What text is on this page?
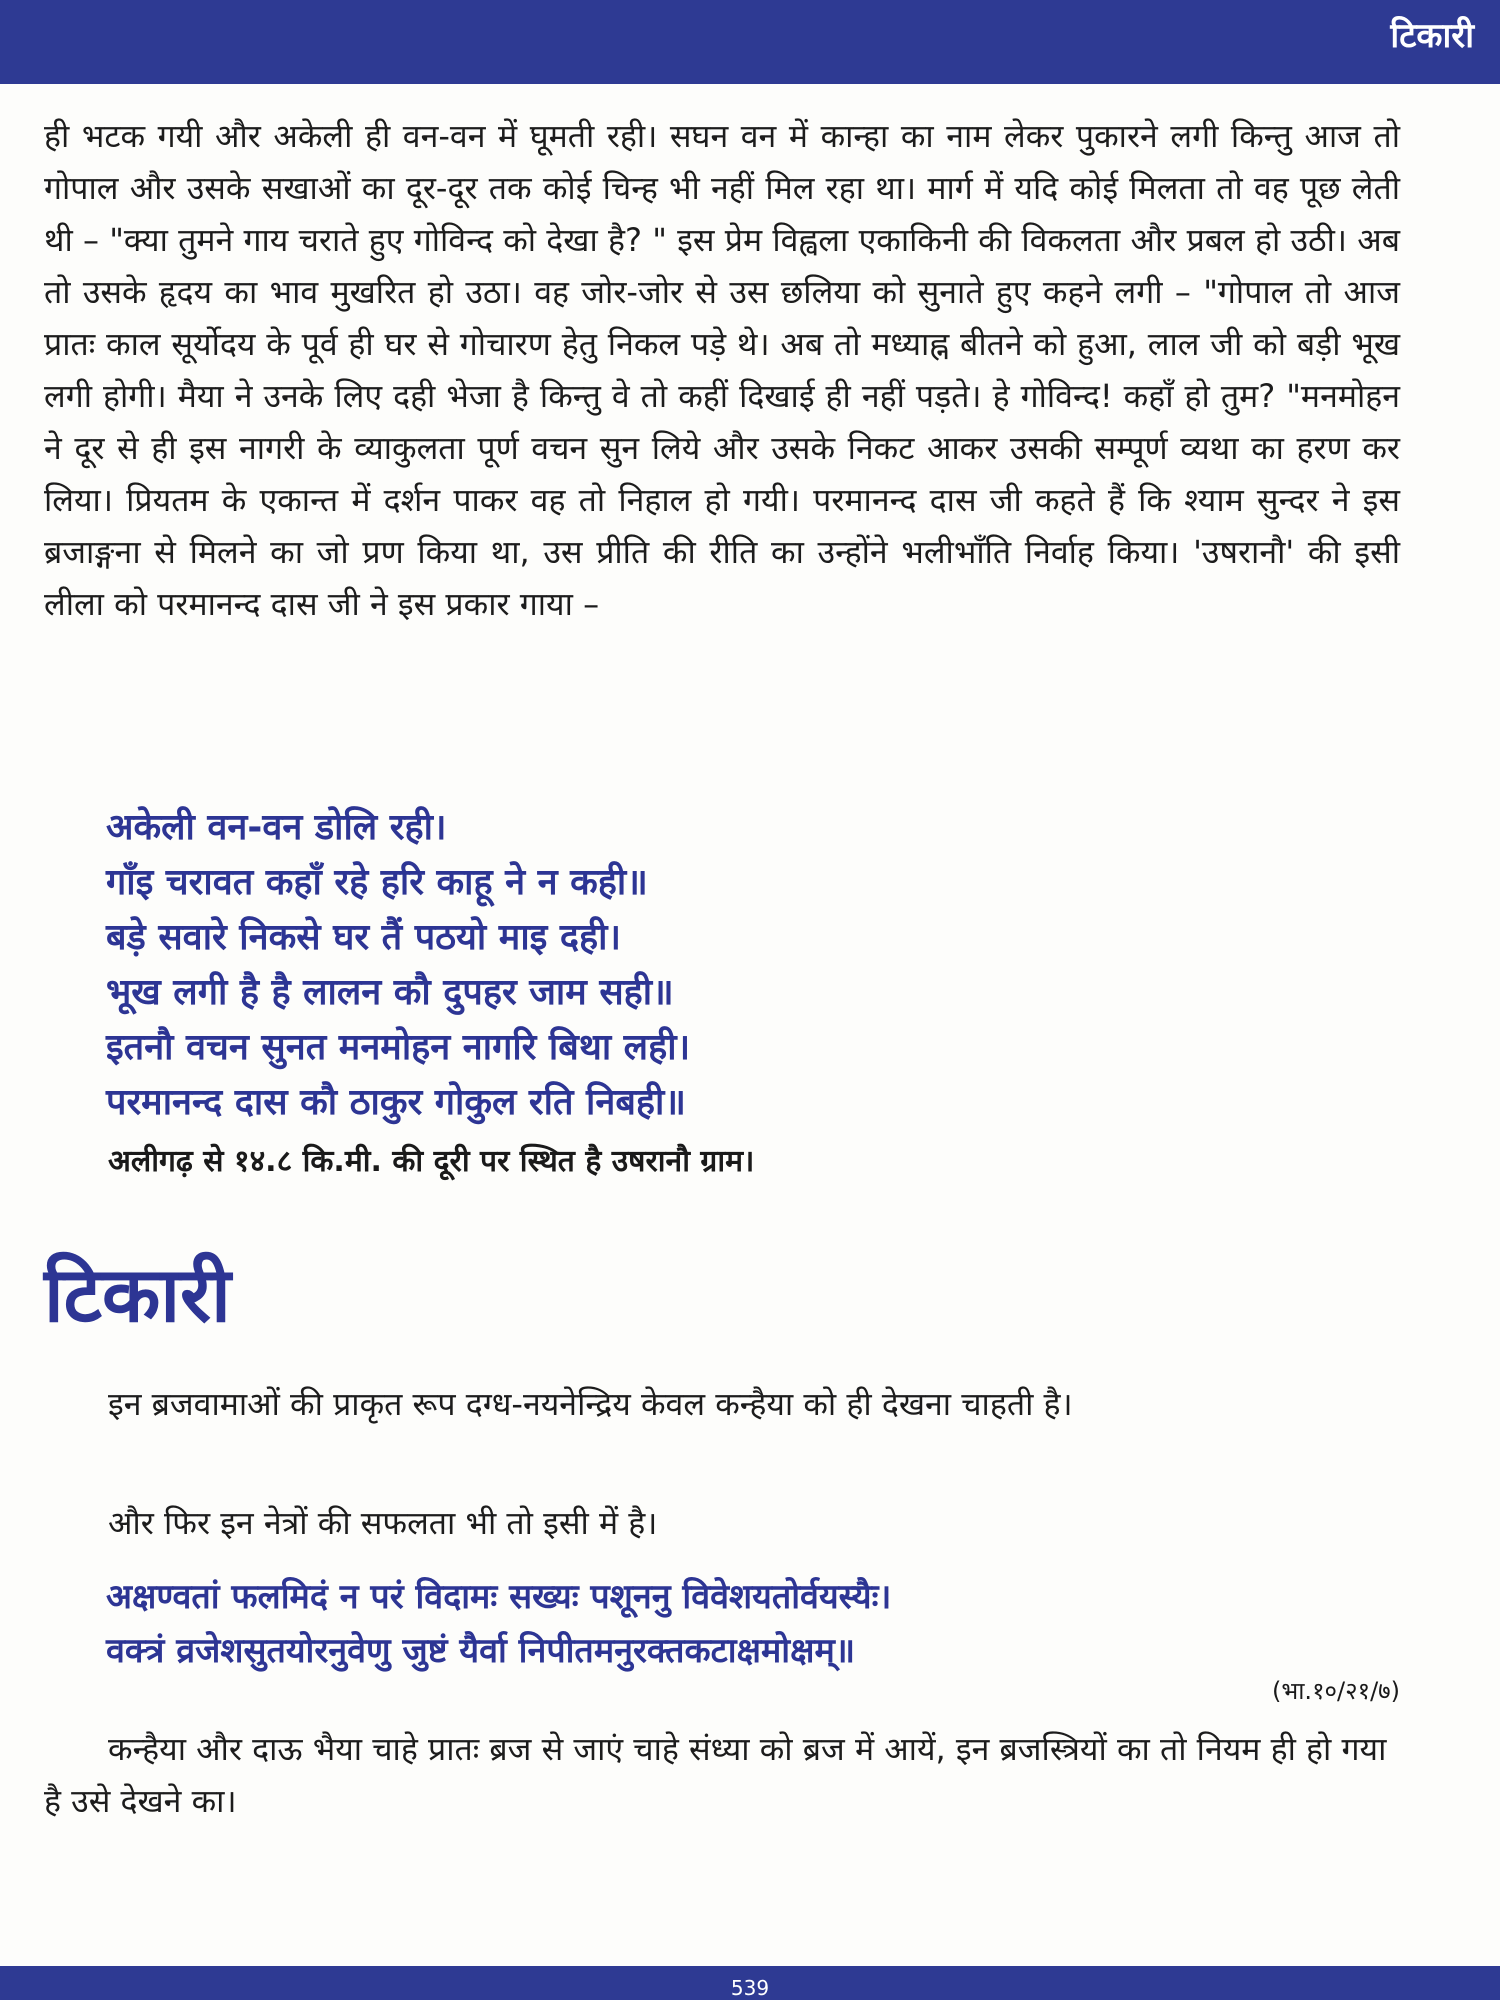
टिकारी

ही भटक गयी और अकेली ही वन-वन में घूमती रही। सघन वन में कान्हा का नाम लेकर पुकारने लगी किन्तु आज तो गोपाल और उसके सखाओं का दूर-दूर तक कोई चिन्ह भी नहीं मिल रहा था। मार्ग में यदि कोई मिलता तो वह पूछ लेती थी – "क्या तुमने गाय चराते हुए गोविन्द को देखा है? " इस प्रेम विह्वला एकाकिनी की विकलता और प्रबल हो उठी। अब तो उसके हृदय का भाव मुखरित हो उठा। वह जोर-जोर से उस छलिया को सुनाते हुए कहने लगी – "गोपाल तो आज प्रातः काल सूर्योदय के पूर्व ही घर से गोचारण हेतु निकल पड़े थे। अब तो मध्याह्न बीतने को हुआ, लाल जी को बड़ी भूख लगी होगी। मैया ने उनके लिए दही भेजा है किन्तु वे तो कहीं दिखाई ही नहीं पड़ते। हे गोविन्द! कहाँ हो तुम? "मनमोहन ने दूर से ही इस नागरी के व्याकुलता पूर्ण वचन सुन लिये और उसके निकट आकर उसकी सम्पूर्ण व्यथा का हरण कर लिया। प्रियतम के एकान्त में दर्शन पाकर वह तो निहाल हो गयी। परमानन्द दास जी कहते हैं कि श्याम सुन्दर ने इस ब्रजाङ्गना से मिलने का जो प्रण किया था, उस प्रीति की रीति का उन्होंने भलीभाँति निर्वाह किया। 'उषरानौ' की इसी लीला को परमानन्द दास जी ने इस प्रकार गाया –

अकेली वन-वन डोलि रही।
गाँइ चरावत कहाँ रहे हरि काहू ने न कही॥
बड़े सवारे निकसे घर तैं पठयो माइ दही।
भूख लगी है है लालन कौ दुपहर जाम सही॥
इतनौ वचन सुनत मनमोहन नागरि बिथा लही।
परमानन्द दास कौ ठाकुर गोकुल रति निबही॥

अलीगढ़ से १४.८ कि.मी. की दूरी पर स्थित है उषरानौ ग्राम।

टिकारी

इन ब्रजवामाओं की प्राकृत रूप दग्ध-नयनेन्द्रिय केवल कन्हैया को ही देखना चाहती है।

और फिर इन नेत्रों की सफलता भी तो इसी में है।

अक्षण्वतां फलमिदं न परं विदामः सख्यः पशूननु विवेशयतोर्वयस्यैः।
वक्त्रं व्रजेशसुतयोरनुवेणु जुष्टं यैर्वा निपीतमनुरक्तकटाक्षमोक्षम्॥

(भा.१०/२१/७)

कन्हैया और दाऊ भैया चाहे प्रातः ब्रज से जाएं चाहे संध्या को ब्रज में आयें, इन ब्रजस्त्रियों का तो नियम ही हो गया है उसे देखने का।

539
